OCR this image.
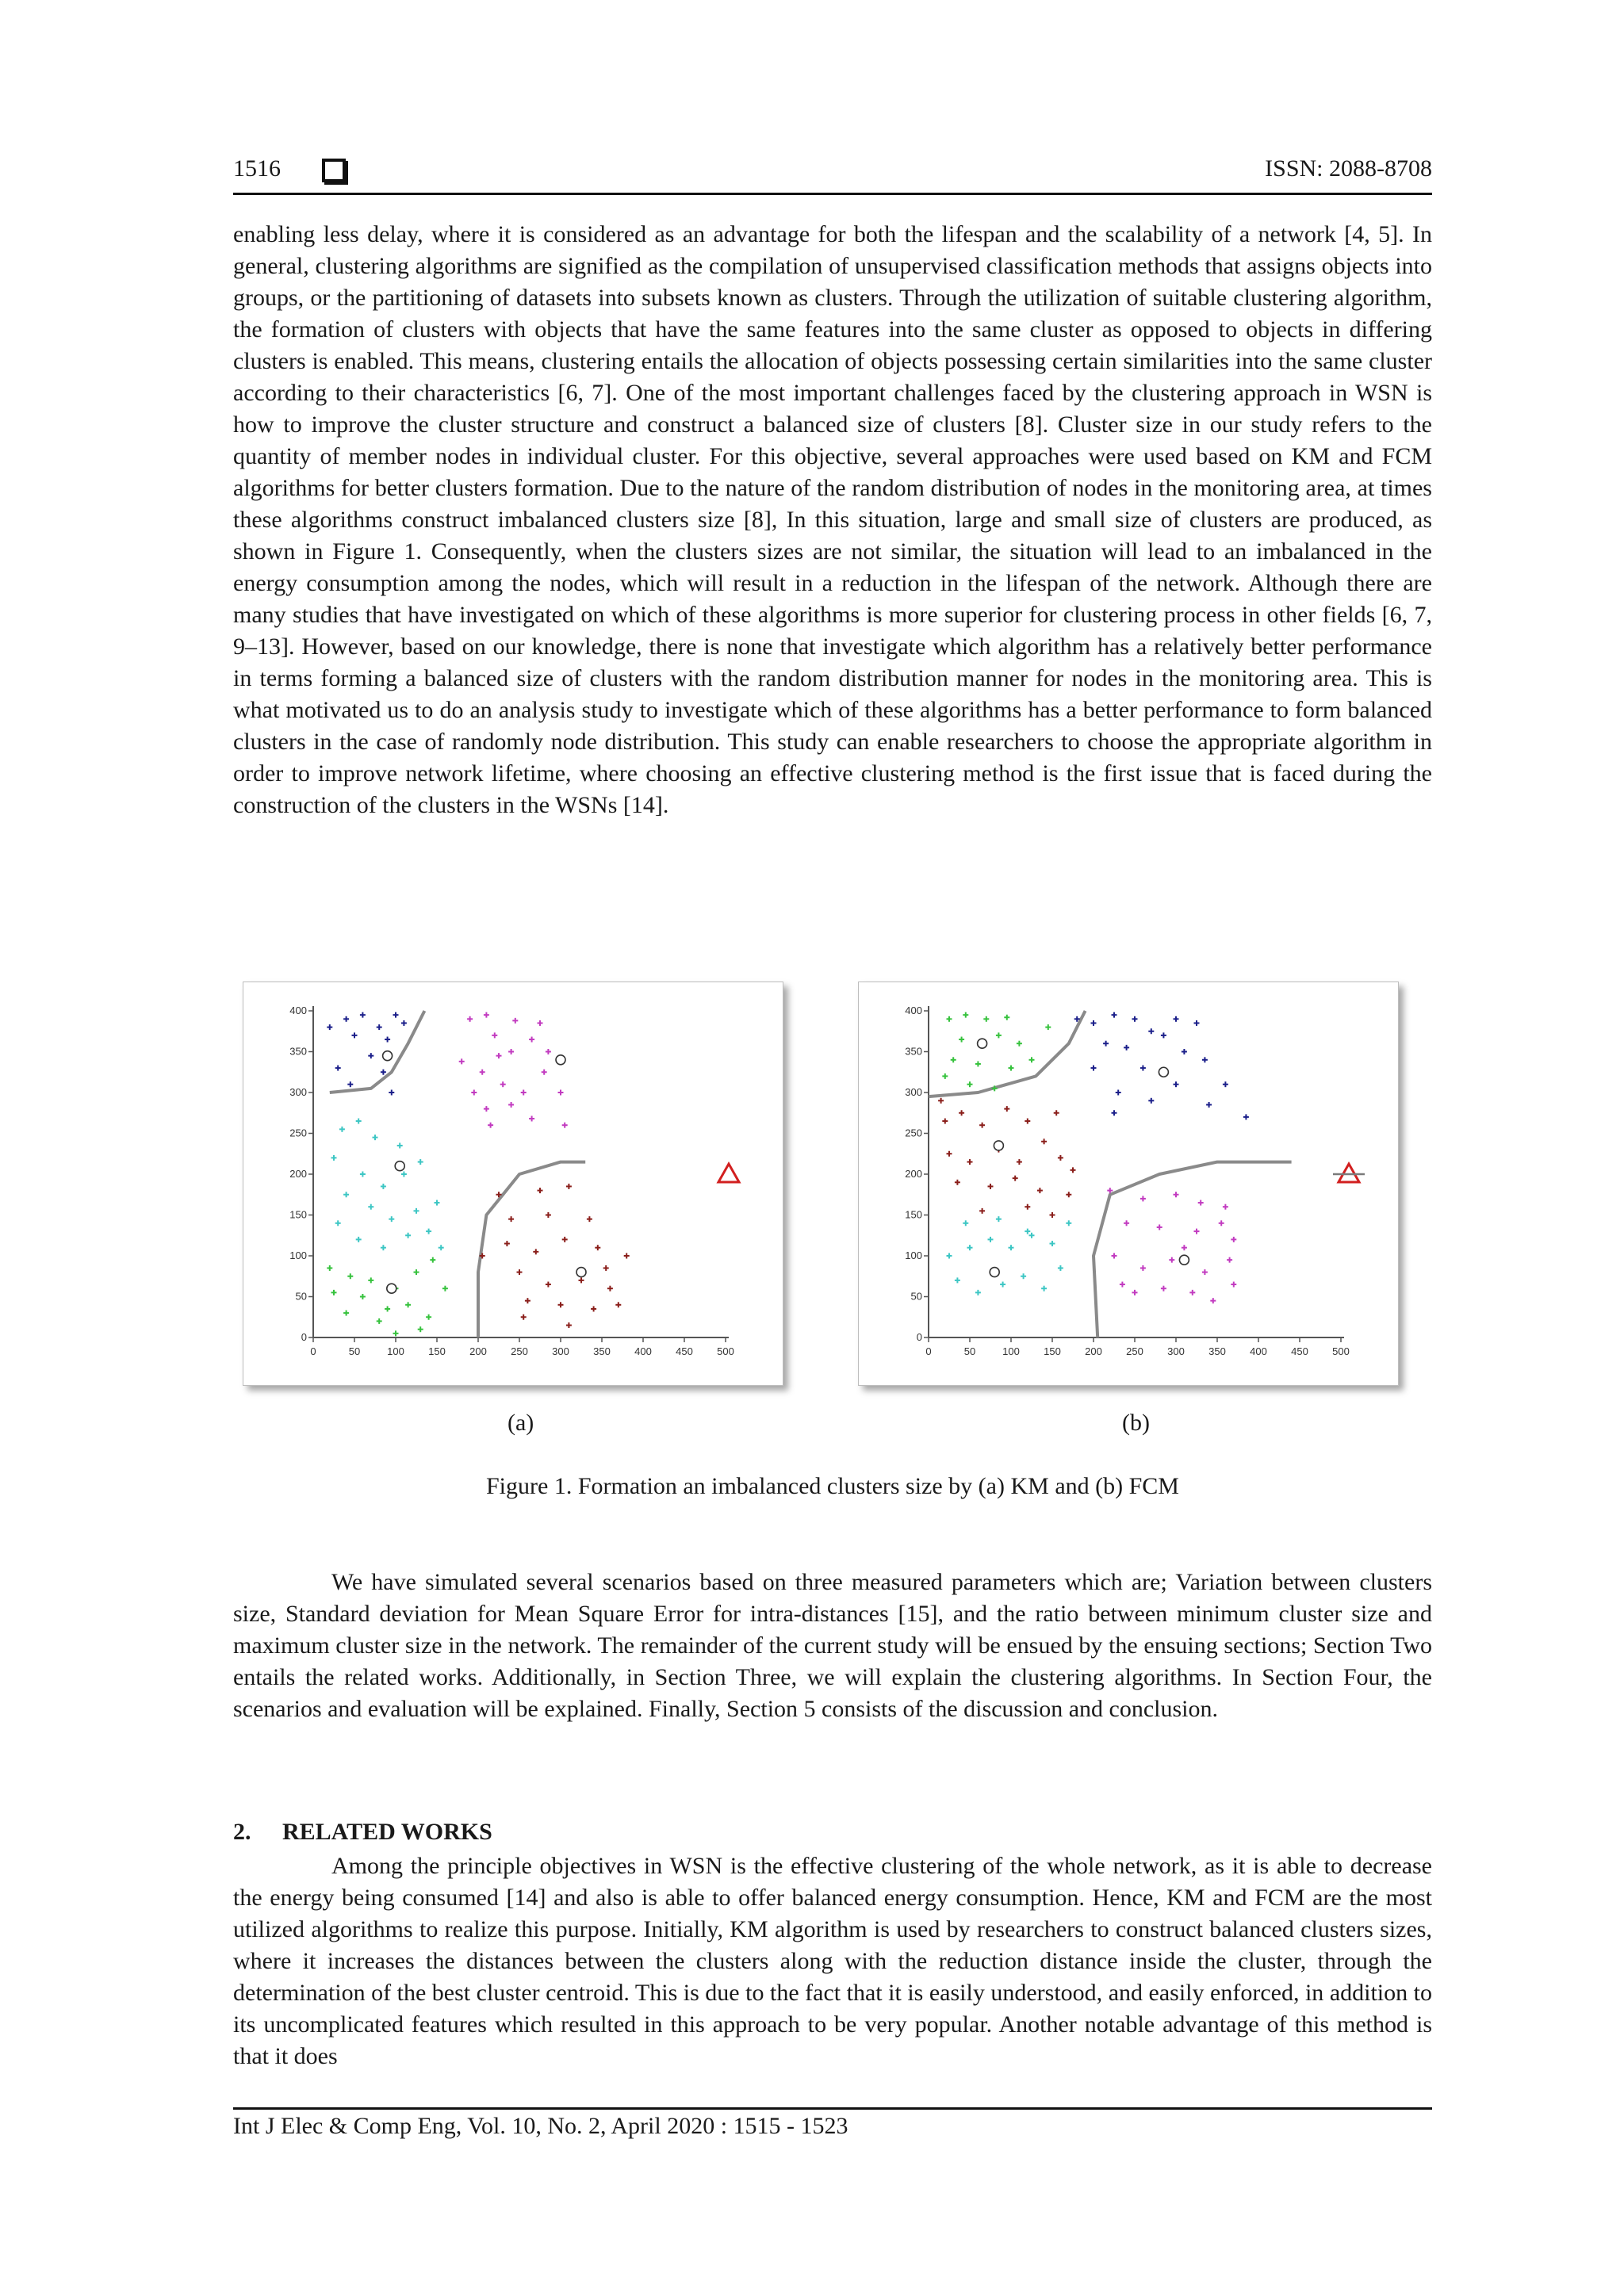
1516	ISSN: 2088-8708

enabling less delay, where it is considered as an advantage for both the lifespan and the scalability of a network [4, 5]. In general, clustering algorithms are signified as the compilation of unsupervised classification methods that assigns objects into groups, or the partitioning of datasets into subsets known as clusters. Through the utilization of suitable clustering algorithm, the formation of clusters with objects that have the same features into the same cluster as opposed to objects in differing clusters is enabled. This means, clustering entails the allocation of objects possessing certain similarities into the same cluster according to their characteristics [6, 7]. One of the most important challenges faced by the clustering approach in WSN is how to improve the cluster structure and construct a balanced size of clusters [8]. Cluster size in our study refers to the quantity of member nodes in individual cluster. For this objective, several approaches were used based on KM and FCM algorithms for better clusters formation. Due to the nature of the random distribution of nodes in the monitoring area, at times these algorithms construct imbalanced clusters size [8], In this situation, large and small size of clusters are produced, as shown in Figure 1. Consequently, when the clusters sizes are not similar, the situation will lead to an imbalanced in the energy consumption among the nodes, which will result in a reduction in the lifespan of the network. Although there are many studies that have investigated on which of these algorithms is more superior for clustering process in other fields [6, 7, 9–13]. However, based on our knowledge, there is none that investigate which algorithm has a relatively better performance in terms forming a balanced size of clusters with the random distribution manner for nodes in the monitoring area. This is what motivated us to do an analysis study to investigate which of these algorithms has a better performance to form balanced clusters in the case of randomly node distribution. This study can enable researchers to choose the appropriate algorithm in order to improve network lifetime, where choosing an effective clustering method is the first issue that is faced during the construction of the clusters in the WSNs [14].

0	50	100 150 200 250 300 350 400 450 500
0
50
100
150
200
250
300
350
400
0	50	100 150 200 250 300 350 400 450 500
0
50
100
150
200
250
300
350
400
(a)	(b)
Figure 1. Formation an imbalanced clusters size by (a) KM and (b) FCM

We have simulated several scenarios based on three measured parameters which are; Variation between clusters size, Standard deviation for Mean Square Error for intra-distances [15], and the ratio between minimum cluster size and maximum cluster size in the network. The remainder of the current study will be ensued by the ensuing sections; Section Two entails the related works. Additionally, in Section Three, we will explain the clustering algorithms. In Section Four, the scenarios and evaluation will be explained. Finally, Section 5 consists of the discussion and conclusion.

2. RELATED WORKS

Among the principle objectives in WSN is the effective clustering of the whole network, as it is able to decrease the energy being consumed [14] and also is able to offer balanced energy consumption. Hence, KM and FCM are the most utilized algorithms to realize this purpose. Initially, KM algorithm is used by researchers to construct balanced clusters sizes, where it increases the distances between the clusters along with the reduction distance inside the cluster, through the determination of the best cluster centroid. This is due to the fact that it is easily understood, and easily enforced, in addition to its uncomplicated features which resulted in this approach to be very popular. Another notable advantage of this method is that it does

Int J Elec & Comp Eng, Vol. 10, No. 2, April 2020 : 1515 - 1523
